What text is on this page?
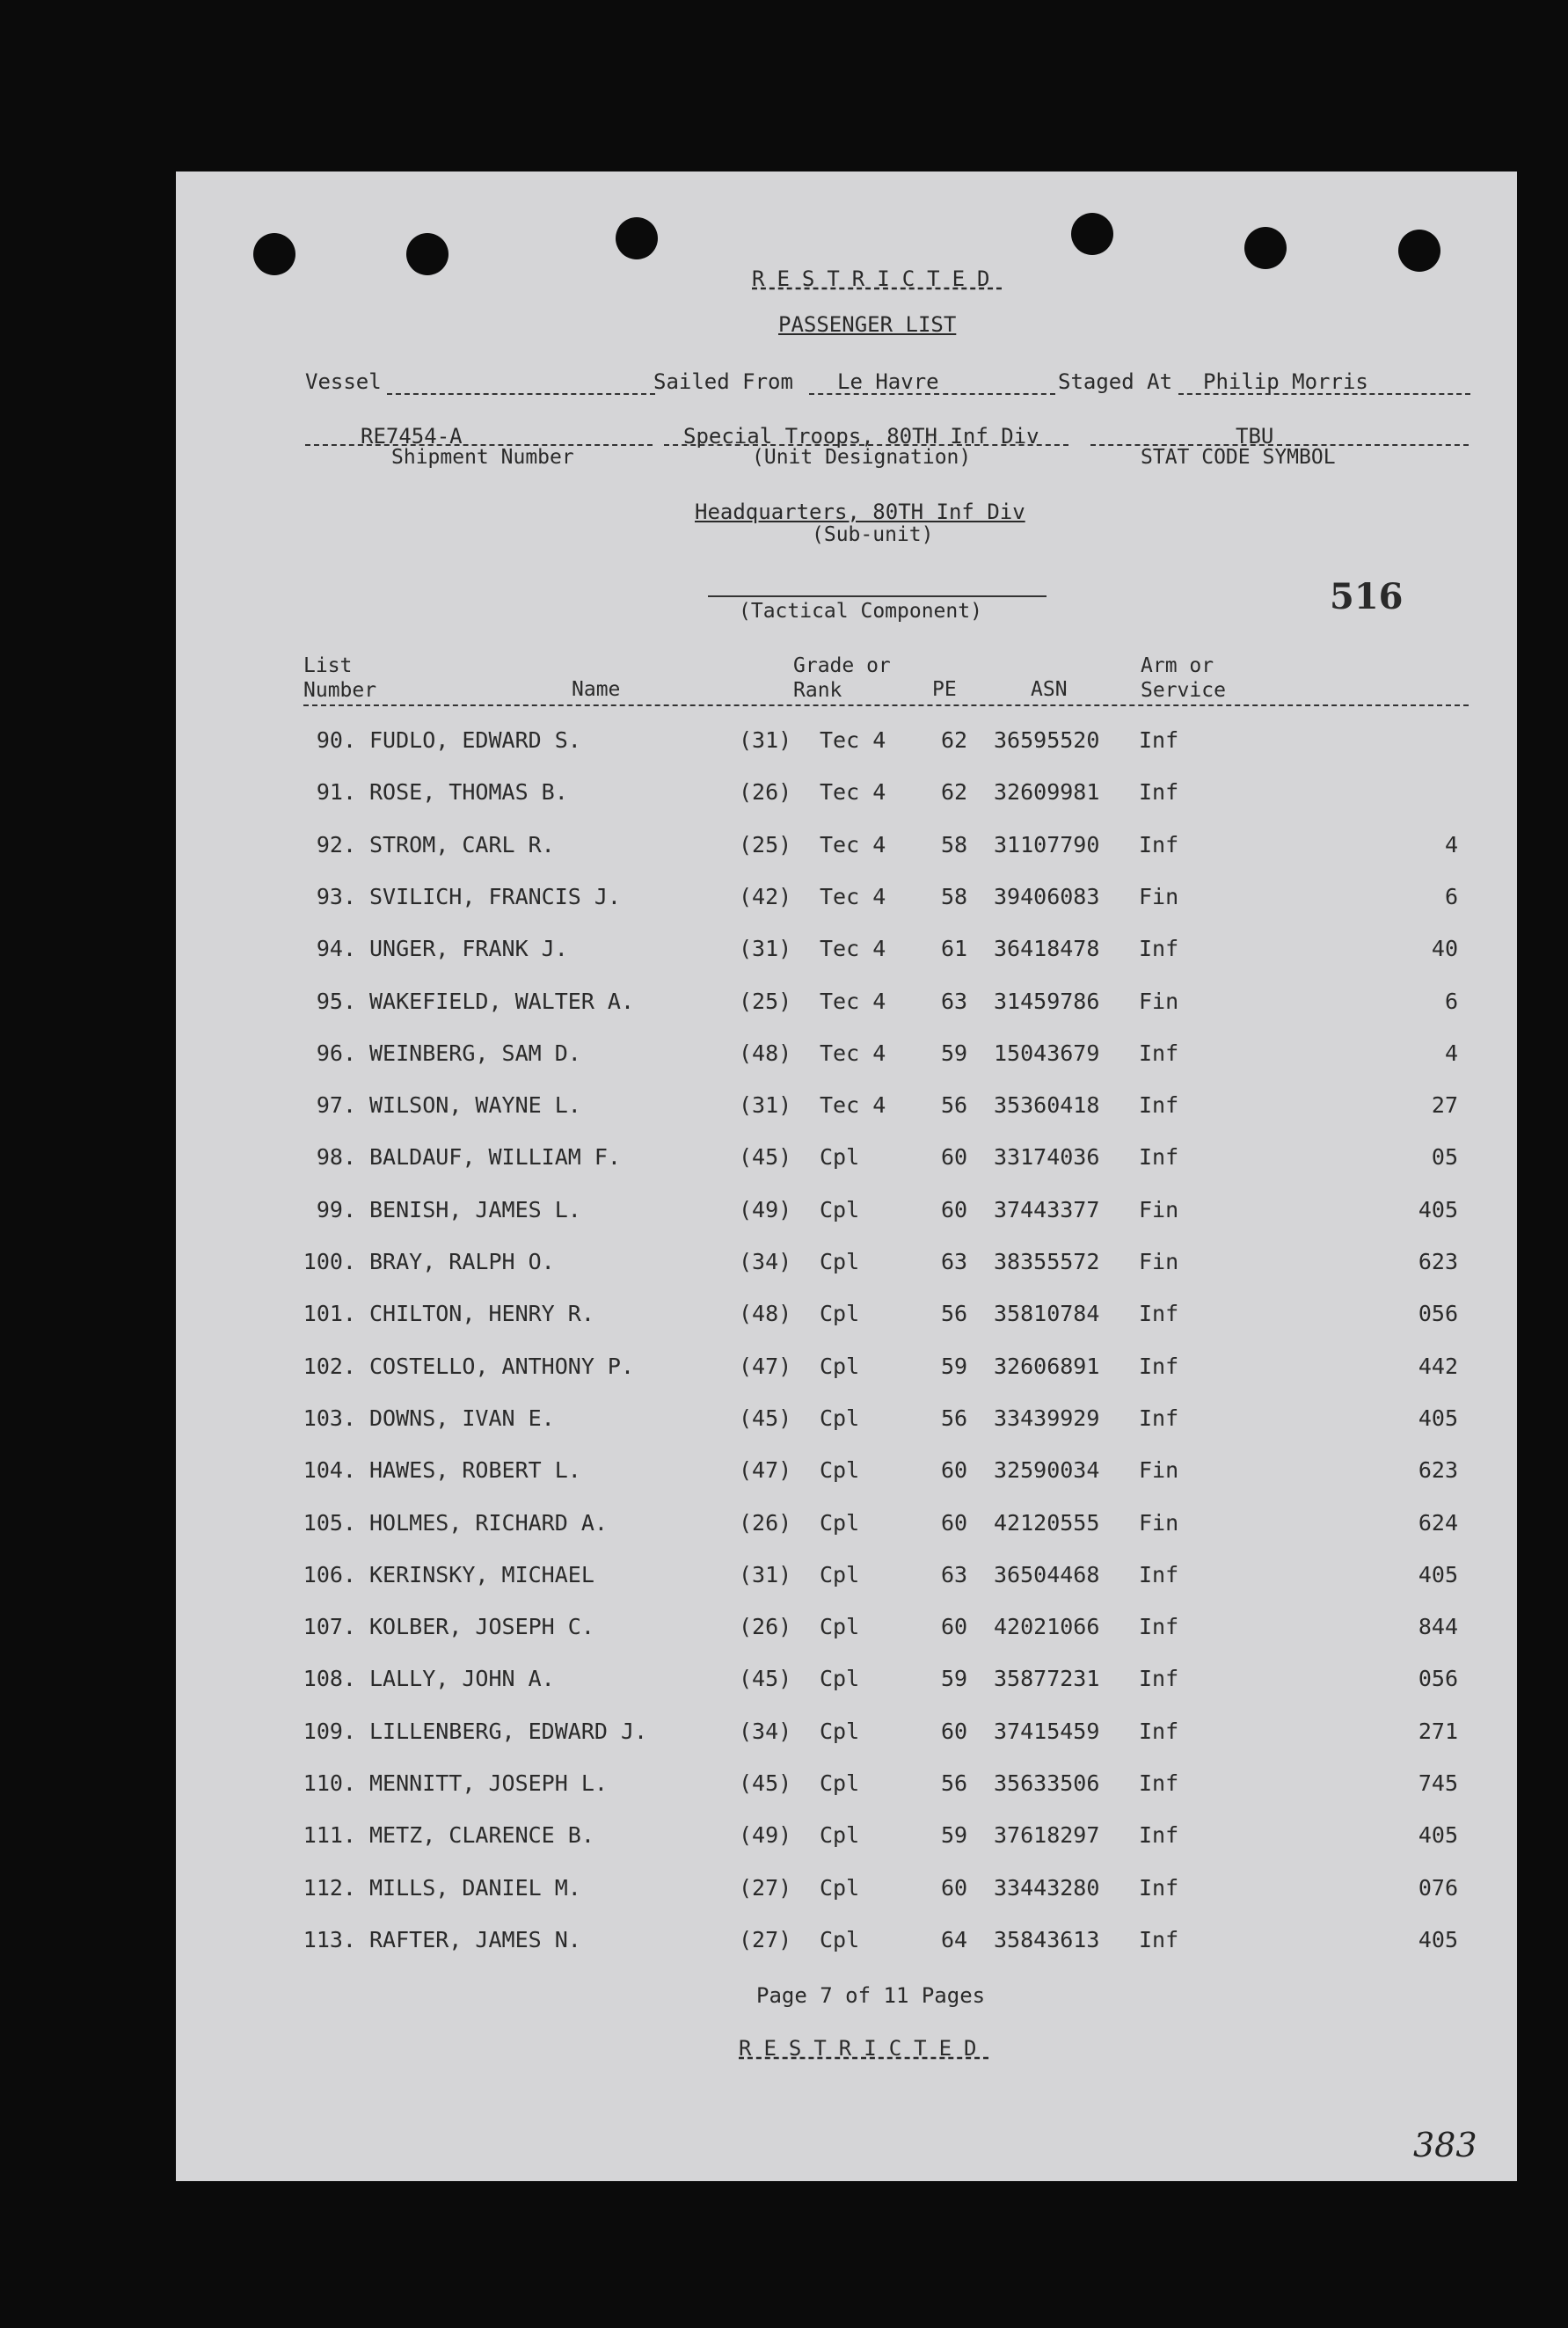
RESTRICTED
PASSENGER LIST
Vessel	Sailed From Le Havre	Staged At Philip Morris
RE7454-A
Shipment Number
Special Troops, 80TH Inf Div
(Unit Designation)
TBU
STAT CODE SYMBOL
Headquarters, 80TH Inf Div
(Sub-unit)
(Tactical Component)	516
List
Number	Name
Grade or
Rank	PE	ASN
Arm or
Service
90. FUDLO, EDWARD S.	(31) Tec 4	62 36595520 Inf
91. ROSE, THOMAS B.	(26) Tec 4	62 32609981 Inf
92. STROM, CARL R.	(25) Tec 4	58 31107790 Inf	4
93. SVILICH, FRANCIS J.	(42) Tec 4	58 39406083 Fin	6
94. UNGER, FRANK J.	(31) Tec 4	61 36418478 Inf	40
95. WAKEFIELD, WALTER A.	(25) Tec 4	63 31459786 Fin	6
96. WEINBERG, SAM D.	(48) Tec 4	59 15043679 Inf	4
97. WILSON, WAYNE L.	(31) Tec 4	56 35360418 Inf	27
98. BALDAUF, WILLIAM F.	(45) Cpl	60 33174036 Inf	05
99. BENISH, JAMES L.	(49) Cpl	60 37443377 Fin	405
100. BRAY, RALPH O.	(34) Cpl	63 38355572 Fin	623
101. CHILTON, HENRY R.	(48) Cpl	56 35810784 Inf	056
102. COSTELLO, ANTHONY P.	(47) Cpl	59 32606891 Inf	442
103. DOWNS, IVAN E.	(45) Cpl	56 33439929 Inf	405
104. HAWES, ROBERT L.	(47) Cpl	60 32590034 Fin	623
105. HOLMES, RICHARD A.	(26) Cpl	60 42120555 Fin	624
106. KERINSKY, MICHAEL	(31) Cpl	63 36504468 Inf	405
107. KOLBER, JOSEPH C.	(26) Cpl	60 42021066 Inf	844
108. LALLY, JOHN A.	(45) Cpl	59 35877231 Inf	056
109. LILLENBERG, EDWARD J.	(34) Cpl	60 37415459 Inf	271
110. MENNITT, JOSEPH L.	(45) Cpl	56 35633506 Inf	745
111. METZ, CLARENCE B.	(49) Cpl	59 37618297 Inf	405
112. MILLS, DANIEL M.	(27) Cpl	60 33443280 Inf	076
113. RAFTER, JAMES N.	(27) Cpl	64 35843613 Inf	405
Page 7 of 11 Pages
RESTRICTED
383
